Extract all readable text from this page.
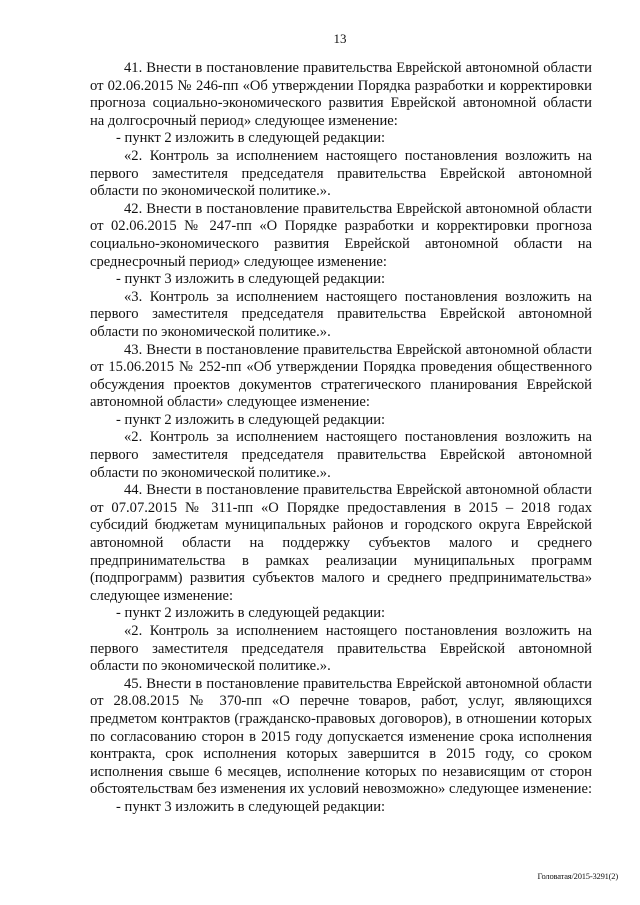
13

41. Внести в постановление правительства Еврейской автономной области от 02.06.2015 № 246-пп «Об утверждении Порядка разработки и корректировки прогноза социально-экономического развития Еврейской автономной области на долгосрочный период» следующее изменение:

- пункт 2 изложить в следующей редакции:

«2. Контроль за исполнением настоящего постановления возложить на первого заместителя председателя правительства Еврейской автономной области по экономической политике.».

42. Внести в постановление правительства Еврейской автономной области от 02.06.2015 № 247-пп «О Порядке разработки и корректировки прогноза социально-экономического развития Еврейской автономной области на среднесрочный период» следующее изменение:

- пункт 3 изложить в следующей редакции:

«3. Контроль за исполнением настоящего постановления возложить на первого заместителя председателя правительства Еврейской автономной области по экономической политике.».

43. Внести в постановление правительства Еврейской автономной области от 15.06.2015 № 252-пп «Об утверждении Порядка проведения общественного обсуждения проектов документов стратегического планирования Еврейской автономной области» следующее изменение:

- пункт 2 изложить в следующей редакции:

«2. Контроль за исполнением настоящего постановления возложить на первого заместителя председателя правительства Еврейской автономной области по экономической политике.».

44. Внести в постановление правительства Еврейской автономной области от 07.07.2015 № 311-пп «О Порядке предоставления в 2015 – 2018 годах субсидий бюджетам муниципальных районов и городского округа Еврейской автономной области на поддержку субъектов малого и среднего предпринимательства в рамках реализации муниципальных программ (подпрограмм) развития субъектов малого и среднего предпринимательства» следующее изменение:

- пункт 2 изложить в следующей редакции:

«2. Контроль за исполнением настоящего постановления возложить на первого заместителя председателя правительства Еврейской автономной области по экономической политике.».

45. Внести в постановление правительства Еврейской автономной области от 28.08.2015 № 370-пп «О перечне товаров, работ, услуг, являющихся предметом контрактов (гражданско-правовых договоров), в отношении которых по согласованию сторон в 2015 году допускается изменение срока исполнения контракта, срок исполнения которых завершится в 2015 году, со сроком исполнения свыше 6 месяцев, исполнение которых по независящим от сторон обстоятельствам без изменения их условий невозможно» следующее изменение:

- пункт 3 изложить в следующей редакции:

Головатая/2015-3291(2)
